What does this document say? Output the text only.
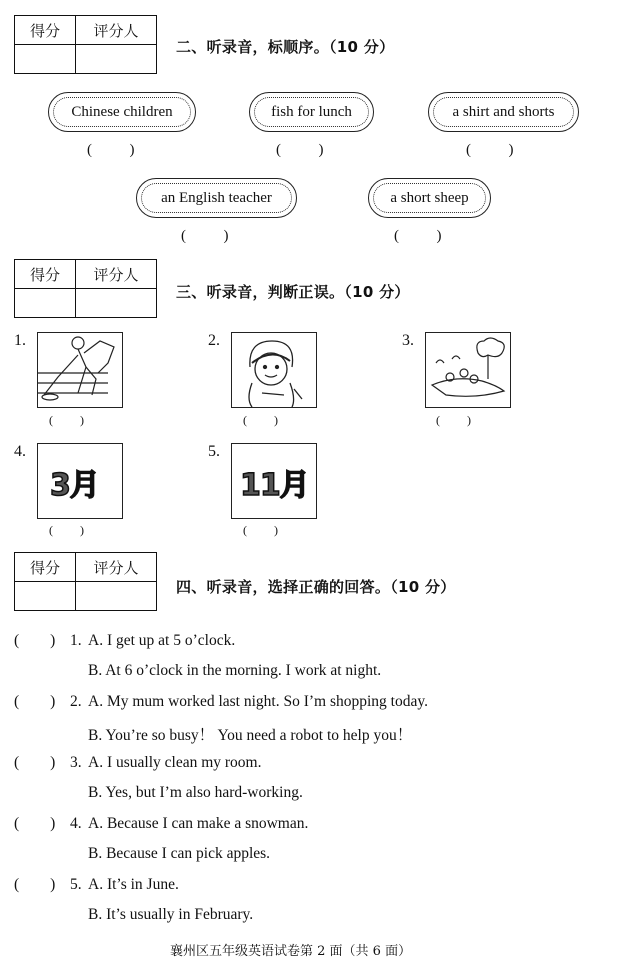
得分	评分人

二、听录音，标顺序。（10 分）
Chinese children	fish for lunch	a shirt and shorts
(          )	(          )	(          )
an English teacher	a short sheep
(          )	(          )
得分	评分人

三、听录音，判断正误。（10 分）
1.
(         )
2.
(         )
3.
(         )
4.
3月
(         )
5.
11月
(         )
得分	评分人

四、听录音，选择正确的回答。（10 分）
(        ) 1. A. I get up at 5 o’clock.
B. At 6 o’clock in the morning. I work at night.
(        ) 2. A. My mum worked last night. So I’m shopping today.
B. You’re so busy！ You need a robot to help you！
(        ) 3. A. I usually clean my room.
B. Yes, but I’m also hard-working.
(        ) 4. A. Because I can make a snowman.
B. Because I can pick apples.
(        ) 5. A. It’s in June.
B. It’s usually in February.
襄州区五年级英语试卷第 2 面（共 6 面）
